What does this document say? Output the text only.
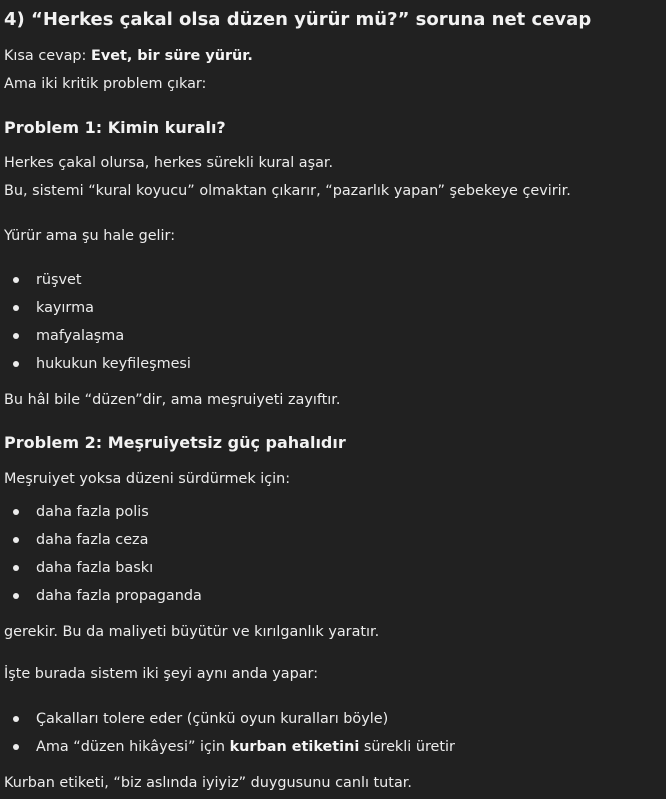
4) “Herkes çakal olsa düzen yürür mü?” soruna net cevap

Kısa cevap: Evet, bir süre yürür.

Ama iki kritik problem çıkar:

Problem 1: Kimin kuralı?

Herkes çakal olursa, herkes sürekli kural aşar.

Bu, sistemi “kural koyucu” olmaktan çıkarır, “pazarlık yapan” şebekeye çevirir.

Yürür ama şu hale gelir:

rüşvet
kayırma
mafyalaşma
hukukun keyfileşmesi

Bu hâl bile “düzen”dir, ama meşruiyeti zayıftır.

Problem 2: Meşruiyetsiz güç pahalıdır

Meşruiyet yoksa düzeni sürdürmek için:

daha fazla polis
daha fazla ceza
daha fazla baskı
daha fazla propaganda

gerekir. Bu da maliyeti büyütür ve kırılganlık yaratır.

İşte burada sistem iki şeyi aynı anda yapar:

Çakalları tolere eder (çünkü oyun kuralları böyle)
Ama “düzen hikâyesi” için kurban etiketini sürekli üretir

Kurban etiketi, “biz aslında iyiyiz” duygusunu canlı tutar.
